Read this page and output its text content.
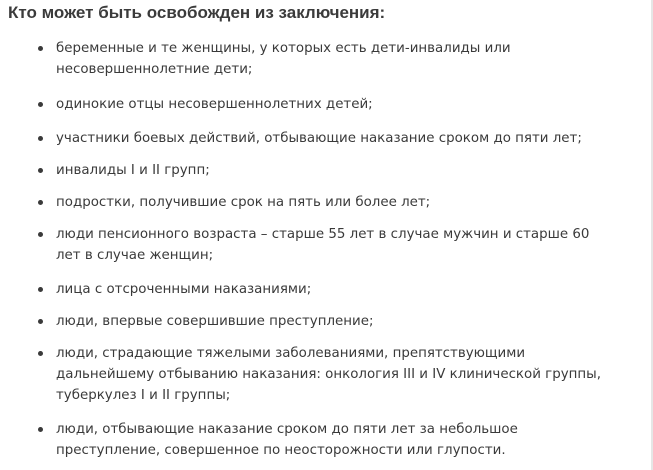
Кто может быть освобожден из заключения:
беременные и те женщины, у которых есть дети-инвалиды или
несовершеннолетние дети;
одинокие отцы несовершеннолетних детей;
участники боевых действий, отбывающие наказание сроком до пяти лет;
инвалиды I и II групп;
подростки, получившие срок на пять или более лет;
люди пенсионного возраста – старше 55 лет в случае мужчин и старше 60
лет в случае женщин;
лица с отсроченными наказаниями;
люди, впервые совершившие преступление;
люди, страдающие тяжелыми заболеваниями, препятствующими
дальнейшему отбыванию наказания: онкология III и IV клинической группы,
туберкулез I и II группы;
люди, отбывающие наказание сроком до пяти лет за небольшое
преступление, совершенное по неосторожности или глупости.
